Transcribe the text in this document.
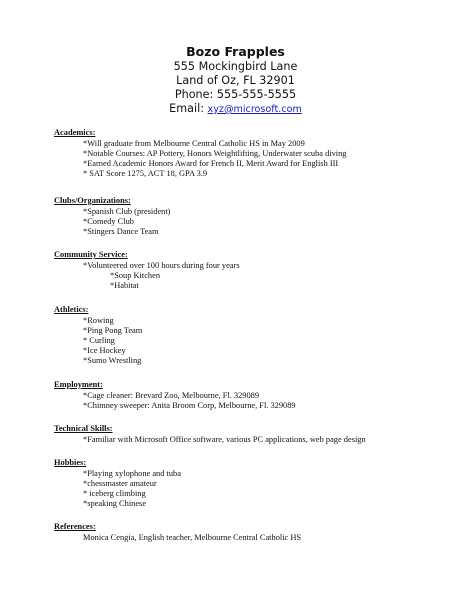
Bozo Frapples
555 Mockingbird Lane
Land of Oz, FL 32901
Phone: 555-555-5555
Email: xyz@microsoft.com
Academics:
*Will graduate from Melbourne Central Catholic HS in May 2009
*Notable Courses: AP Pottery, Honors Weightlifting, Underwater scuba diving
*Earned Academic Honors Award for French II, Merit Award for English III
* SAT Score 1275, ACT 18, GPA 3.9
Clubs/Organizations:
*Spanish Club (president)
*Comedy Club
*Stingers Dance Team
Community Service:
*Volunteered over 100 hours during four years
*Soup Kitchen
*Habitat
Athletics:
*Rowing
*Ping Pong Team
* Curling
*Ice Hockey
*Sumo Wrestling
Employment:
*Cage cleaner: Brevard Zoo, Melbourne, Fl. 329089
*Chimney sweeper: Anita Broom Corp, Melbourne, Fl. 329089
Technical Skills:
*Familiar with Microsoft Office software, various PC applications, web page design
Hobbies:
*Playing xylophone and tuba
*chessmaster amateur
* iceberg climbing
*speaking Chinese
References:
Monica Cengia, English teacher, Melbourne Central Catholic HS
